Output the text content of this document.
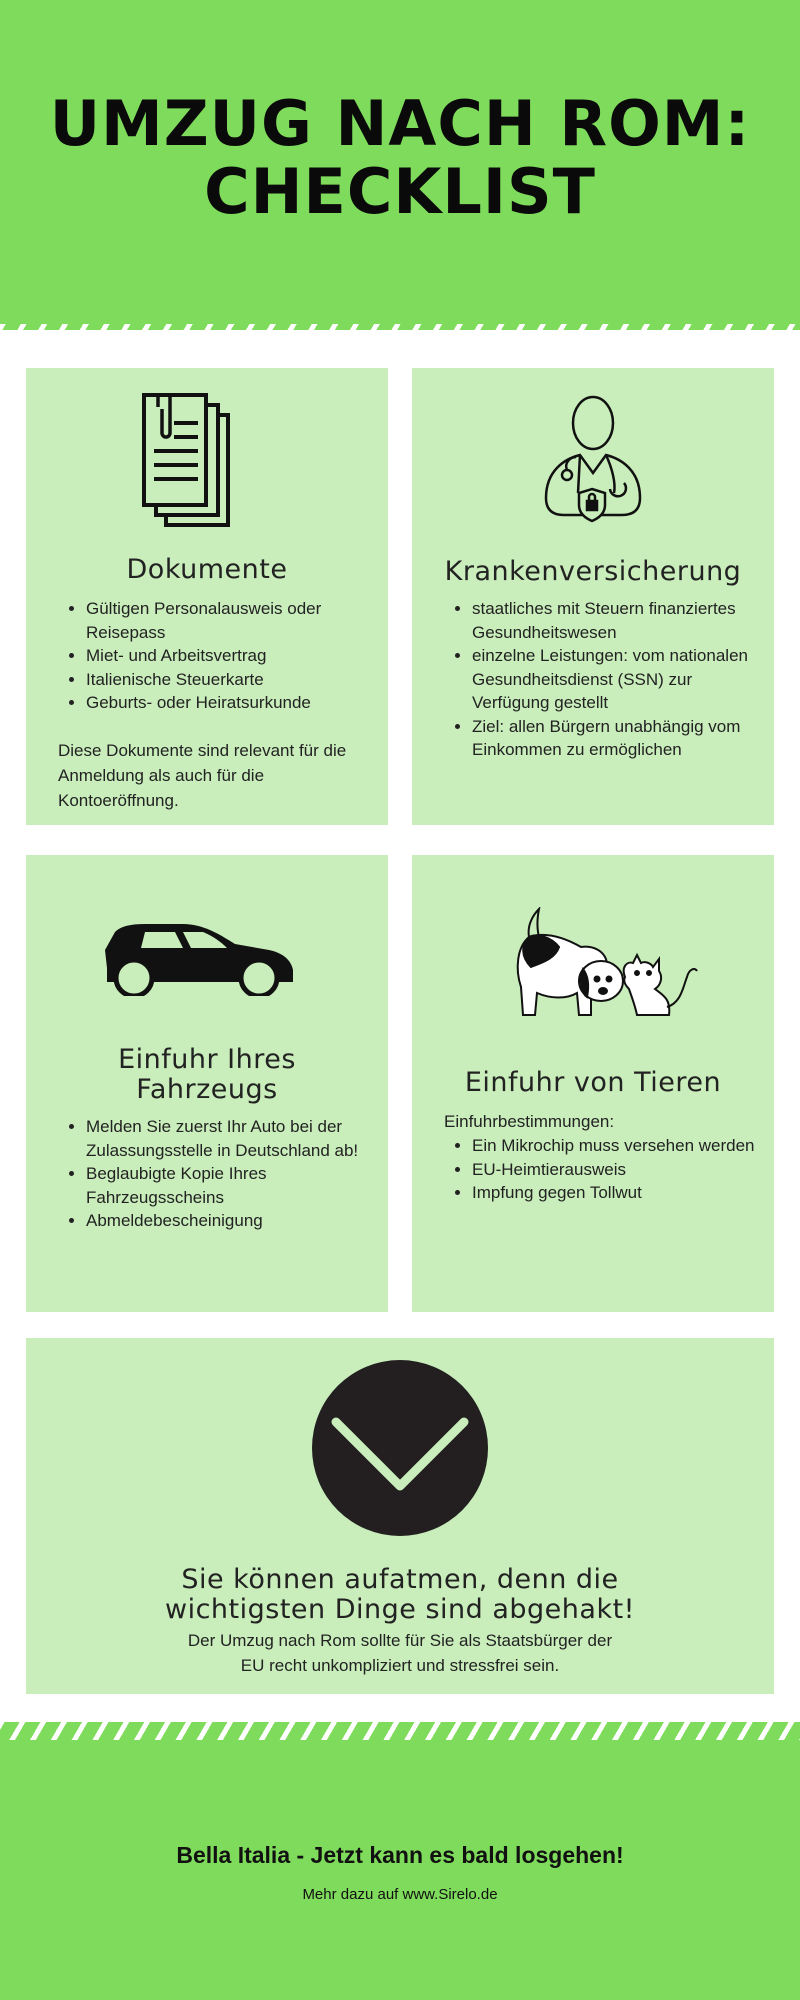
UMZUG NACH ROM:
CHECKLIST
Dokumente
• Gültigen Personalausweis oder Reisepass
• Miet- und Arbeitsvertrag
• Italienische Steuerkarte
• Geburts- oder Heiratsurkunde

Diese Dokumente sind relevant für die Anmeldung als auch für die Kontoeröffnung.

Krankenversicherung
• staatliches mit Steuern finanziertes Gesundheitswesen
• einzelne Leistungen: vom nationalen Gesundheitsdienst (SSN) zur Verfügung gestellt
• Ziel: allen Bürgern unabhängig vom Einkommen zu ermöglichen
Einfuhr Ihres
Fahrzeugs
• Melden Sie zuerst Ihr Auto bei der Zulassungsstelle in Deutschland ab!
• Beglaubigte Kopie Ihres Fahrzeugsscheins
• Abmeldebescheinigung
Einfuhr von Tieren

Einfuhrbestimmungen:

• Ein Mikrochip muss versehen werden
• EU-Heimtierausweis
• Impfung gegen Tollwut
Sie können aufatmen, denn die
wichtigsten Dinge sind abgehakt!

Der Umzug nach Rom sollte für Sie als Staatsbürger der
EU recht unkompliziert und stressfrei sein.

Bella Italia - Jetzt kann es bald losgehen!

Mehr dazu auf www.Sirelo.de
